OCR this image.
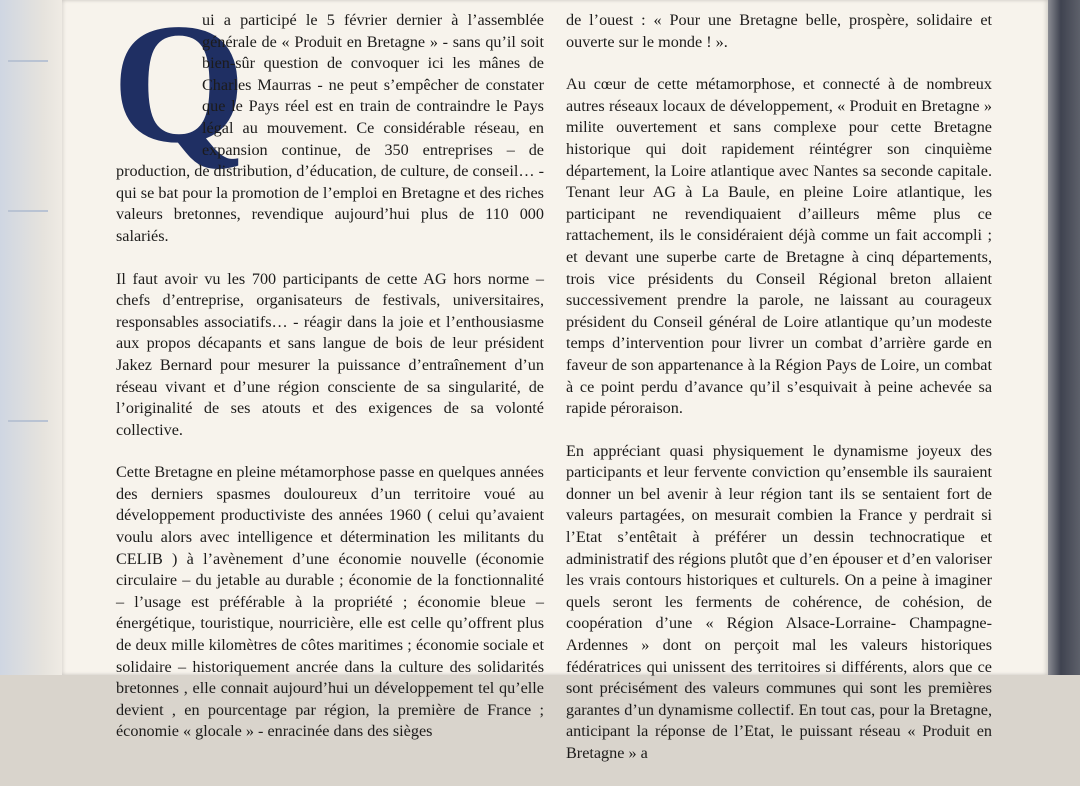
Q
ui a participé le 5 février dernier à l’assemblée générale de « Produit en Bretagne » - sans qu’il soit bien-sûr question de convoquer ici les mânes de Charles Maurras - ne peut s’empêcher de constater que le Pays réel est en train de contraindre le Pays légal au mouvement. Ce considérable réseau, en expansion continue, de 350 entreprises – de production, de distribution, d’éducation, de culture, de conseil… - qui se bat pour la promotion de l’emploi en Bretagne et des riches valeurs bretonnes, revendique aujourd’hui plus de 110 000 salariés.

Il faut avoir vu les 700 participants de cette AG hors norme – chefs d’entreprise, organisateurs de festivals, universitaires, responsables associatifs… - réagir dans la joie et l’enthousiasme aux propos décapants et sans langue de bois de leur président Jakez Bernard pour mesurer la puissance d’entraînement d’un réseau vivant et d’une région consciente de sa singularité, de l’originalité de ses atouts et des exigences de sa volonté collective.

Cette Bretagne en pleine métamorphose passe en quelques années des derniers spasmes douloureux d’un territoire voué au développement productiviste des années 1960 ( celui qu’avaient voulu alors avec intelligence et détermination les militants du CELIB ) à l’avènement d’une économie nouvelle (économie circulaire – du jetable au durable ; économie de la fonctionnalité – l’usage est préférable à la propriété ; économie bleue – énergétique, touristique, nourricière, elle est celle qu’offrent plus de deux mille kilomètres de côtes maritimes ; économie sociale et solidaire – historiquement ancrée dans la culture des solidarités bretonnes , elle connait aujourd’hui un développement tel qu’elle devient , en pourcentage par région, la première de France ; économie « glocale » - enracinée dans des sièges

de l’ouest : « Pour une Bretagne belle, prospère, solidaire et ouverte sur le monde ! ».

Au cœur de cette métamorphose, et connecté à de nombreux autres réseaux locaux de développement, « Produit en Bretagne » milite ouvertement et sans complexe pour cette Bretagne historique qui doit rapidement réintégrer son cinquième département, la Loire atlantique avec Nantes sa seconde capitale. Tenant leur AG à La Baule, en pleine Loire atlantique, les participant ne revendiquaient d’ailleurs même plus ce rattachement, ils le considéraient déjà comme un fait accompli ; et devant une superbe carte de Bretagne à cinq départements, trois vice présidents du Conseil Régional breton allaient successivement prendre la parole, ne laissant au courageux président du Conseil général de Loire atlantique qu’un modeste temps d’intervention pour livrer un combat d’arrière garde en faveur de son appartenance à la Région Pays de Loire, un combat à ce point perdu d’avance qu’il s’esquivait à peine achevée sa rapide péroraison.

En appréciant quasi physiquement le dynamisme joyeux des participants et leur fervente conviction qu’ensemble ils sauraient donner un bel avenir à leur région tant ils se sentaient fort de valeurs partagées, on mesurait combien la France y perdrait si l’Etat s’entêtait à préférer un dessin technocratique et administratif des régions plutôt que d’en épouser et d’en valoriser les vrais contours historiques et culturels. On a peine à imaginer quels seront les ferments de cohérence, de cohésion, de coopération d’une « Région Alsace-Lorraine- Champagne- Ardennes » dont on perçoit mal les valeurs historiques fédératrices qui unissent des territoires si différents, alors que ce sont précisément des valeurs communes qui sont les premières garantes d’un dynamisme collectif. En tout cas, pour la Bretagne, anticipant la réponse de l’Etat, le puissant réseau « Produit en Bretagne » a
